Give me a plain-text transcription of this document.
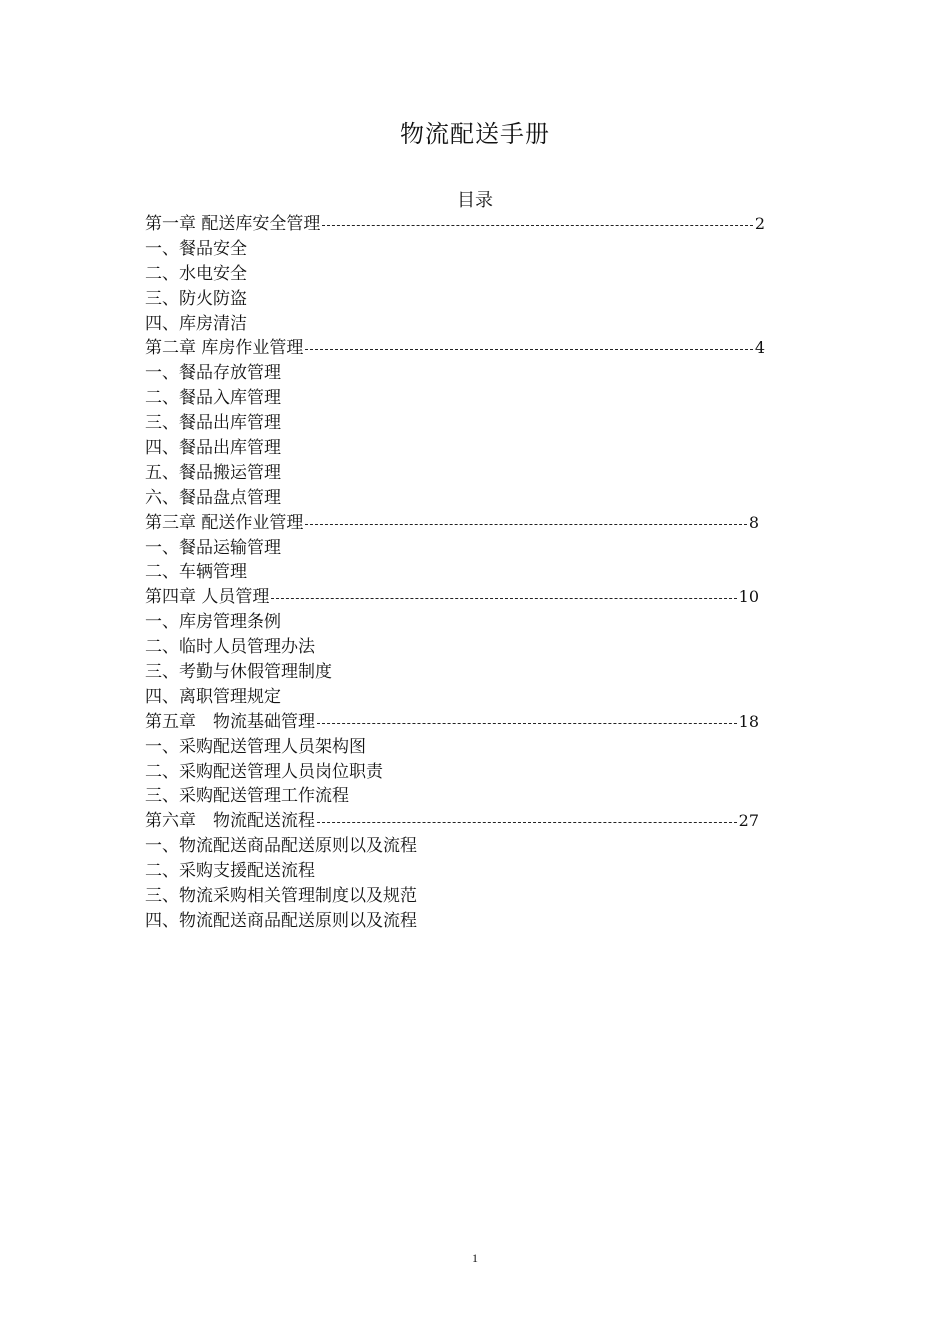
物流配送手册
目录
第一章 配送库安全管理	2
一、餐品安全
二、水电安全
三、防火防盗
四、库房清洁
第二章 库房作业管理	4
一、餐品存放管理
二、餐品入库管理
三、餐品出库管理
四、餐品出库管理
五、餐品搬运管理
六、餐品盘点管理
第三章 配送作业管理	8
一、餐品运输管理
二、车辆管理
第四章 人员管理	10
一、库房管理条例
二、临时人员管理办法
三、考勤与休假管理制度
四、离职管理规定
第五章　物流基础管理	18
一、采购配送管理人员架构图
二、采购配送管理人员岗位职责
三、采购配送管理工作流程
第六章　物流配送流程	27
一、物流配送商品配送原则以及流程
二、采购支援配送流程
三、物流采购相关管理制度以及规范
四、物流配送商品配送原则以及流程
1
